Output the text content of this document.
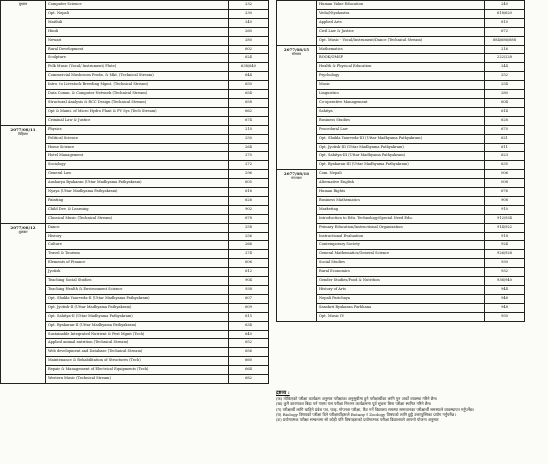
बुधबार	Computer Science	232
	Opt. Nepali	230
	Maithili	240
	Hindi	260
	Newari	280
	Rural Development	602
	Sculpture	624
	Folk Music (Vocal/ Instrument/ Flute)	638/640
	Commercial Mushroom Prodn. & Mkt. (Technical Stream)	644
	Intro. to Livestock Breeding Mgmt. (Technical Stream)	650
	Data Comm. & Computer Network (Technical Stream)	654
	Structural Analysis & RCC Design (Technical Stream)	658
	Opt & Maint. of Micro Hydro Plant & PV Sys (Tech Stream)	662
	Criminal Law & Justice	674

2077/08/11
बिहिबार	Physics	210
	Political Science	250
	Home Science	264
	Hotel Management	270
	Sociology	272
	General Law	296
	Ausharya Byakaran (Uttar Madhyama Pathyakram)	605
	Nyaya (Uttar Madhyama Pathyakram)	616
	Painting	626
	Child Dev. & Learning	902
	Classical Music (Technical Stream)	678

2077/08/12
शुक्रबार	Dance	258
	History	256
	Culture	266
	Travel & Tourism	274
	Elements of Finance	606
	Jyotish	612
	Teaching Social Studies	904
	Teaching Health & Environment Science	938
	Opt. Shukla Yaurveda-II (Uttar Madhyama Pathyakram)	607
	Opt. Jyotish-II (Uttar Madhyama Pathyakram)	609
	Opt. Sahitya-II (Uttar Madhyama Pathyakram)	615
	Opt. Byakaran-II (Uttar Madhyama Pathyakram)	634
	Sustainable Integrated Nutrient & Pest Mgmt (Tech)	640
	Applied animal nutrition (Technical Stream)	652
	Web development and Database (Technical Stream)	656
	Maintenance & Rehabilitation of Structures (Tech)	660
	Repair & Management of Electrical Equipments (Tech)	664
	Western Music (Technical Stream)	682
	Human Value Education	240
	Veda/Ntyahastra	618/620
	Applied Arts	610
	Civil Law & Justice	672
	Opt. Music - Vocal/Instrument/Dance (Technical Stream)	684/686/688

2077/08/15
सोमबार	Mathematics	216
	BOOK/OMSP	222/228
	Health & Physical Education	244
	Psychology	252
	Music	254
	Linguistics	280
	Co-operative Management	604
	Sahitya	614
	Business Studies	628
	Procedural Law	670
	Opt. Shukla Yaurveda-III (Uttar Madhyama Pathyakram)	621
	Opt. Jyotish-III (Uttar Madhyama Pathyakram)	611
	Opt. Sahitya-III (Uttar Madhyama Pathyakram)	623
	Opt. Byakaran-III (Uttar Madhyama Pathyakram)	635

2077/08/16
मंगलबार	Com. Nepali	006
	Alternative English	008
	Human Rights	676
	Business Mathematics	908
	Marketing	910
	Introduction to Edu. Technology/Special Need Edu.	912/934
	Primary Education/Instructional Organization	914/922
	Instructional Evaluation	918
	Contemporary Society	924
	General Mathematics/General Science	926/928
	Social Studies	930
	Rural Economics	932
	Gender Studies/Food & Nutrition	936/940
	History of Arts	944
	Nepali Parichaya	946
	Sanskrit Byakaran Parbhana	948
	Opt. Music IV	950
द्रष्टव्य :

(क) तोकिएको परीक्षा कार्यक्रम अनुसार परीक्षाका अनुसूचीमा हुने परीक्षार्थीका लागि पुन अर्को व्यवस्था गरिने छैन।

(ख) कुनै कारणवश बिदा पर्न गएमा यस परीक्षा निरन्तर कार्यक्रममा पूर्व सूचना बिना परीक्षा स्थगित गरिने छैन।

(ग) परीक्षार्थी लागि चाहिने प्रवेश पत्र, फाइ, गोपनता परीक्षा, कैंट गर्ने विद्यालय समस्या समाधानका परीक्षार्थी समस्याले व्यवस्थापन गर्नुपर्नेछ।

(घ) Biology विषयको परीक्षा दिने परीक्षार्थीहरूले Botany र Zoology विषयको लागि छुट्टै उत्तरपुस्तिका प्रयोग गर्नुपर्नेछ।

(ङ) प्रयोगात्मक परीक्षा सम्बन्धमा सो कोही पनि विषयहरूको प्रयोगात्मक परीक्षा विद्यालयले आफ्नो योजना अनुसार
